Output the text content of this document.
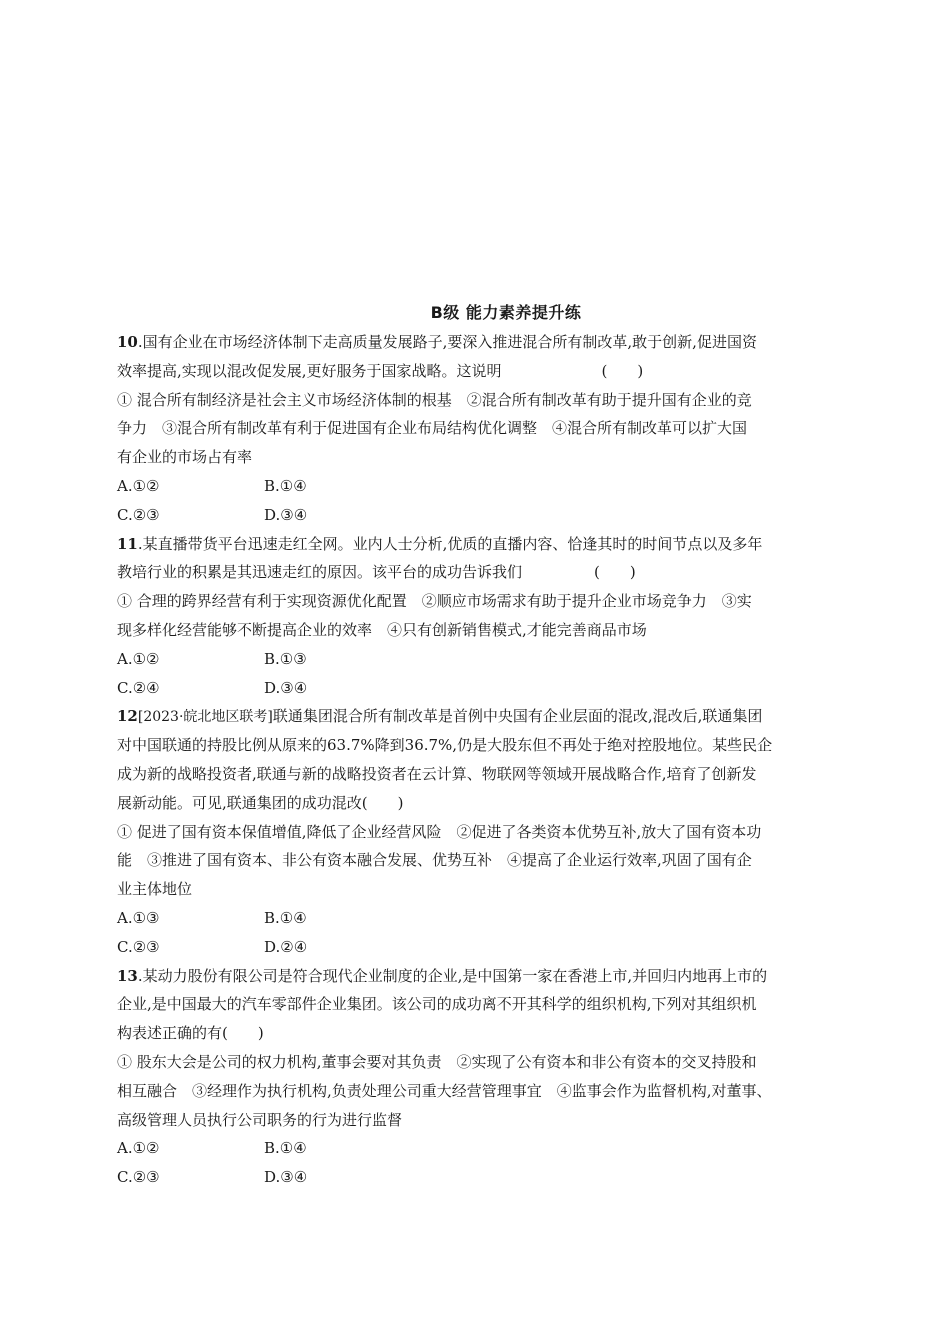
B级 能力素养提升练
10.国有企业在市场经济体制下走高质量发展路子,要深入推进混合所有制改革,敢于创新,促进国资
效率提高,实现以混改促发展,更好服务于国家战略。这说明	(　　)
① 混合所有制经济是社会主义市场经济体制的根基　②混合所有制改革有助于提升国有企业的竞
争力　③混合所有制改革有利于促进国有企业布局结构优化调整　④混合所有制改革可以扩大国
有企业的市场占有率
A.①②	B.①④
C.②③	D.③④
11.某直播带货平台迅速走红全网。业内人士分析,优质的直播内容、恰逢其时的时间节点以及多年
教培行业的积累是其迅速走红的原因。该平台的成功告诉我们	(　　)
① 合理的跨界经营有利于实现资源优化配置　②顺应市场需求有助于提升企业市场竞争力　③实
现多样化经营能够不断提高企业的效率　④只有创新销售模式,才能完善商品市场
A.①②	B.①③
C.②④	D.③④
12[2023·皖北地区联考]联通集团混合所有制改革是首例中央国有企业层面的混改,混改后,联通集团
对中国联通的持股比例从原来的63.7%降到36.7%,仍是大股东但不再处于绝对控股地位。某些民企
成为新的战略投资者,联通与新的战略投资者在云计算、物联网等领域开展战略合作,培育了创新发
展新动能。可见,联通集团的成功混改(　　)
① 促进了国有资本保值增值,降低了企业经营风险　②促进了各类资本优势互补,放大了国有资本功
能　③推进了国有资本、非公有资本融合发展、优势互补　④提高了企业运行效率,巩固了国有企
业主体地位
A.①③	B.①④
C.②③	D.②④
13.某动力股份有限公司是符合现代企业制度的企业,是中国第一家在香港上市,并回归内地再上市的
企业,是中国最大的汽车零部件企业集团。该公司的成功离不开其科学的组织机构,下列对其组织机
构表述正确的有(　　)
① 股东大会是公司的权力机构,董事会要对其负责　②实现了公有资本和非公有资本的交叉持股和
相互融合　③经理作为执行机构,负责处理公司重大经营管理事宜　④监事会作为监督机构,对董事、
高级管理人员执行公司职务的行为进行监督
A.①②	B.①④
C.②③	D.③④
